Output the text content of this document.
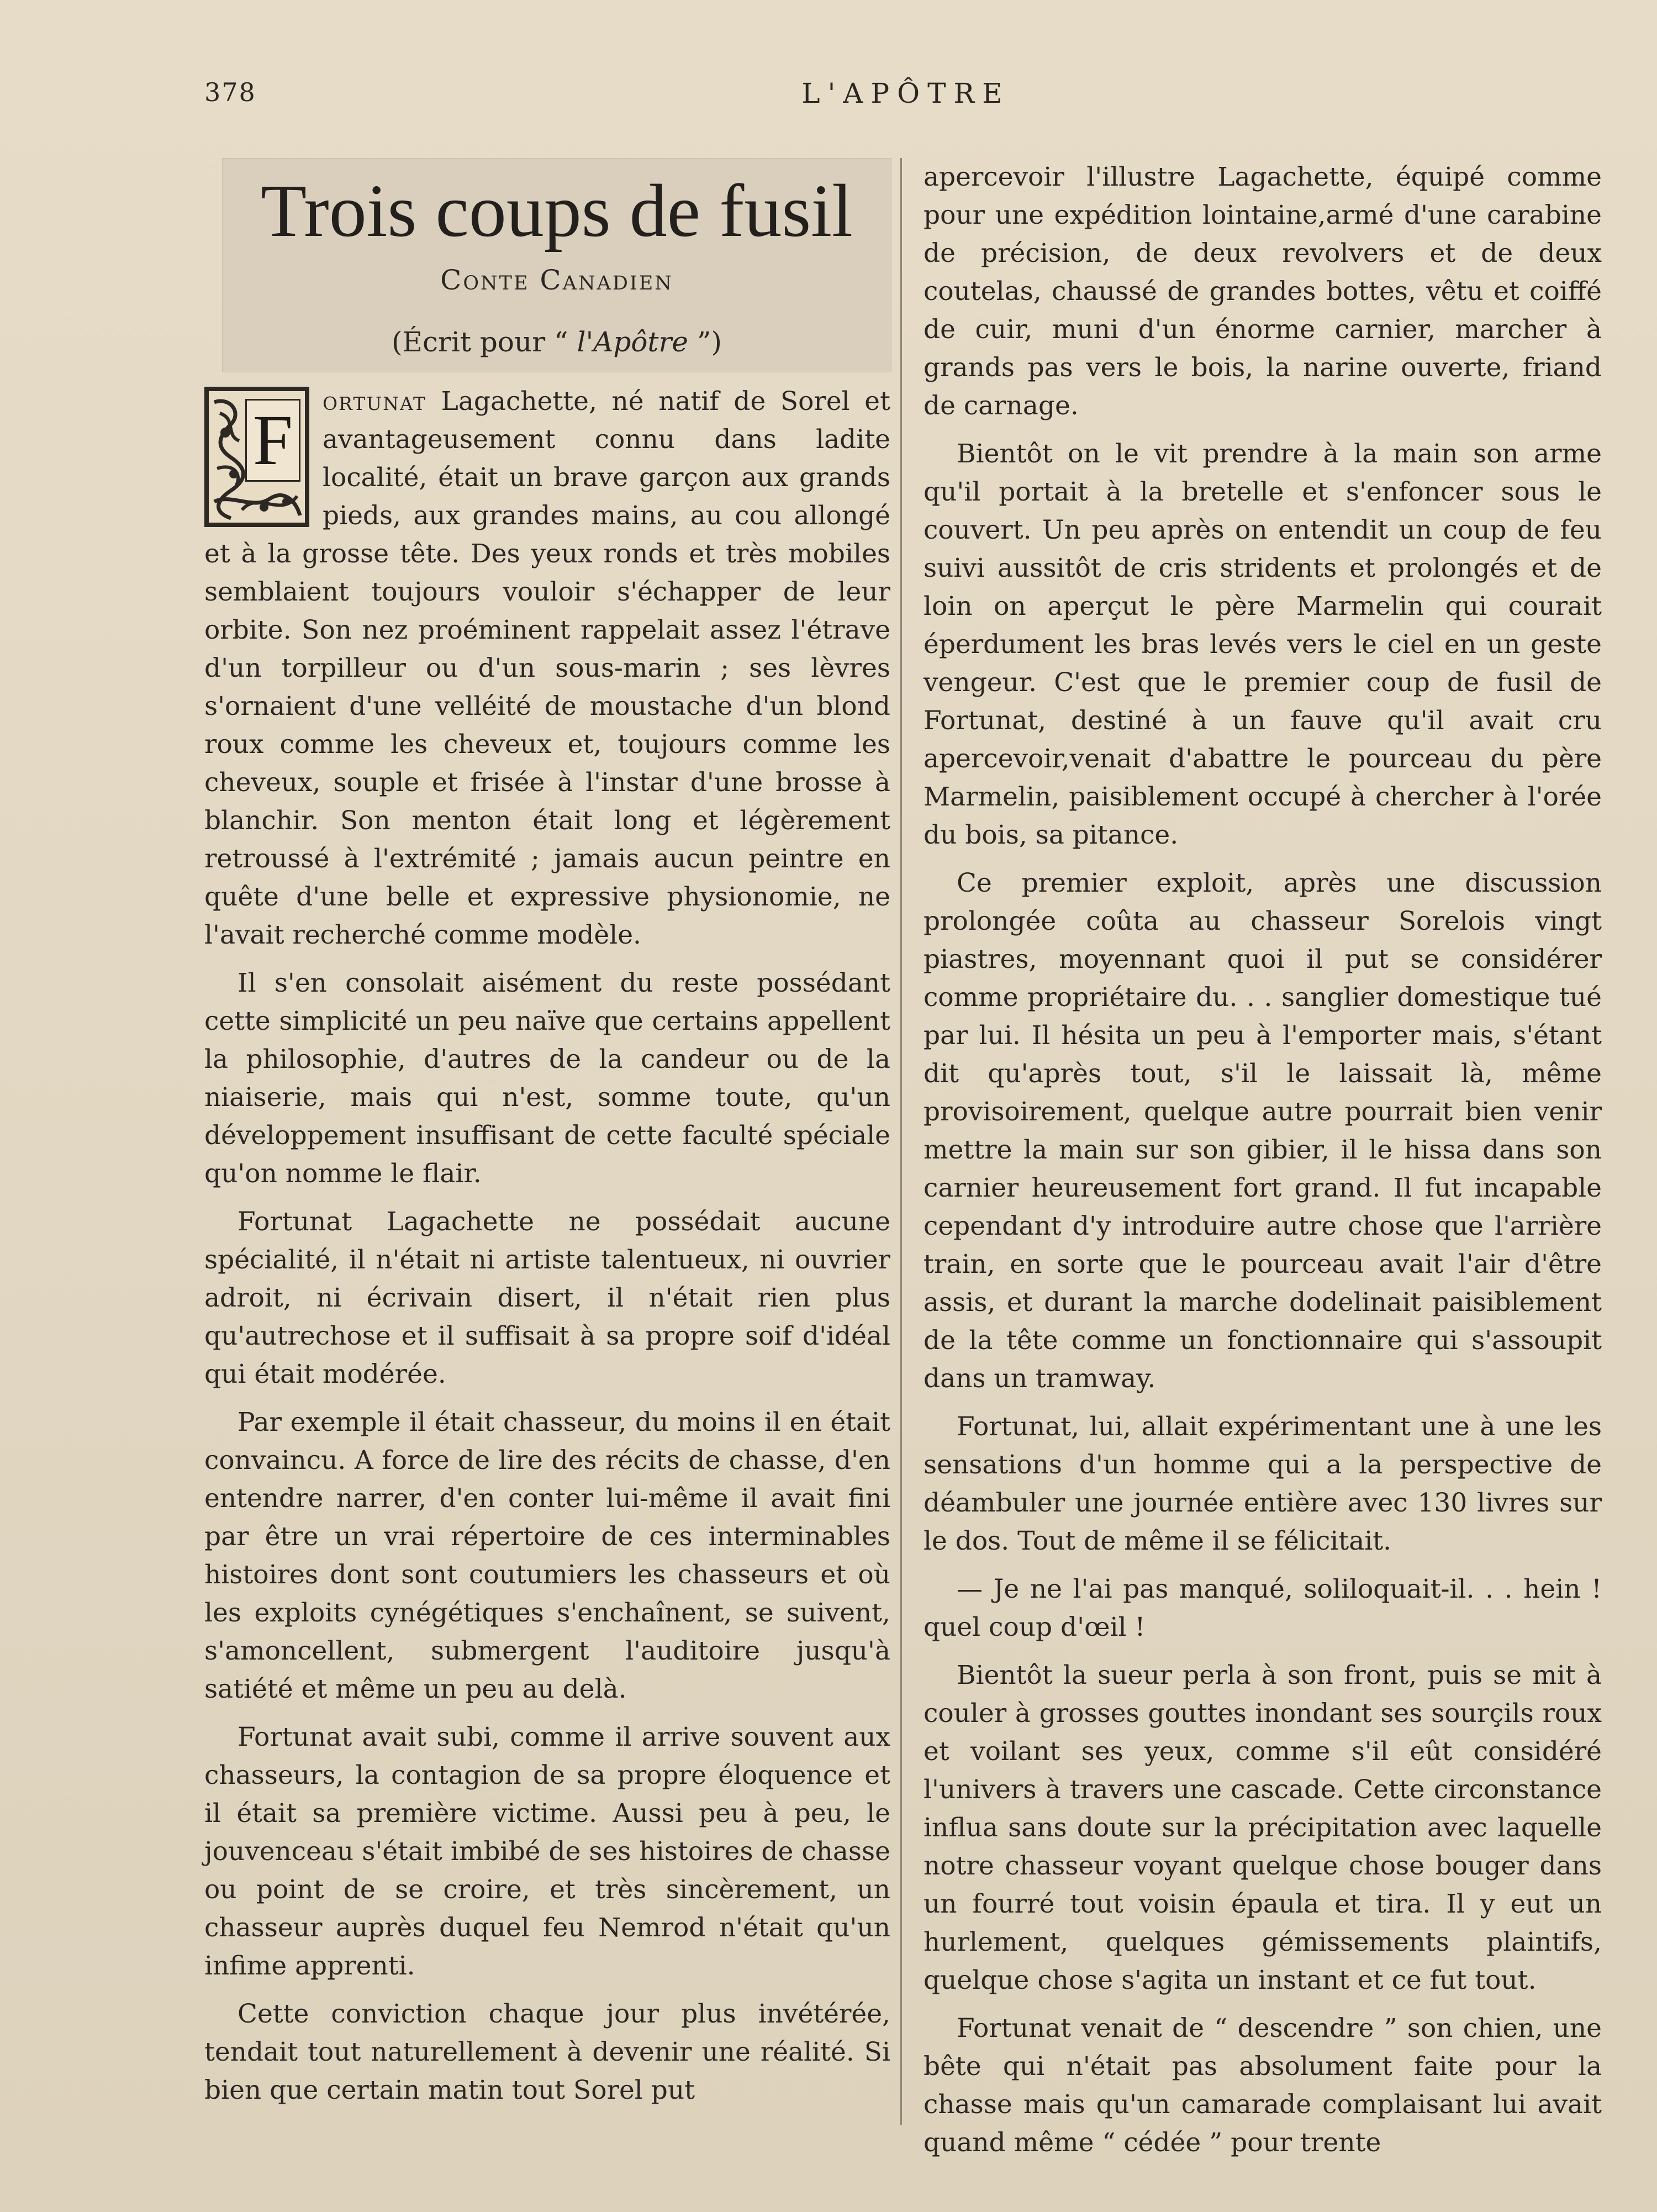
378	L'APÔTRE
Trois coups de fusil
Conte Canadien
(Écrit pour “ l'Apôtre ”)

F ortunat Lagachette, né natif de Sorel et avantageusement connu dans ladite localité, était un brave garçon aux grands pieds, aux grandes mains, au cou allongé et à la grosse tête. Des yeux ronds et très mobiles semblaient toujours vouloir s'échapper de leur orbite. Son nez proéminent rappelait assez l'étrave d'un torpilleur ou d'un sous-marin ; ses lèvres s'ornaient d'une velléité de moustache d'un blond roux comme les cheveux et, toujours comme les cheveux, souple et frisée à l'instar d'une brosse à blanchir. Son menton était long et légèrement retroussé à l'extrémité ; jamais aucun peintre en quête d'une belle et expressive physionomie, ne l'avait recherché comme modèle.

Il s'en consolait aisément du reste possédant cette simplicité un peu naïve que certains appellent la philosophie, d'autres de la candeur ou de la niaiserie, mais qui n'est, somme toute, qu'un développement insuffisant de cette faculté spéciale qu'on nomme le flair.

Fortunat Lagachette ne possédait aucune spécialité, il n'était ni artiste talentueux, ni ouvrier adroit, ni écrivain disert, il n'était rien plus qu'autrechose et il suffisait à sa propre soif d'idéal qui était modérée.

Par exemple il était chasseur, du moins il en était convaincu. A force de lire des récits de chasse, d'en entendre narrer, d'en conter lui-même il avait fini par être un vrai répertoire de ces interminables histoires dont sont coutumiers les chasseurs et où les exploits cynégétiques s'enchaînent, se suivent, s'amoncellent, submergent l'auditoire jusqu'à satiété et même un peu au delà.

Fortunat avait subi, comme il arrive souvent aux chasseurs, la contagion de sa propre éloquence et il était sa première victime. Aussi peu à peu, le jouvenceau s'était imbibé de ses histoires de chasse ou point de se croire, et très sincèrement, un chasseur auprès duquel feu Nemrod n'était qu'un infime apprenti.

Cette conviction chaque jour plus invétérée, tendait tout naturellement à devenir une réalité. Si bien que certain matin tout Sorel put

apercevoir l'illustre Lagachette, équipé comme pour une expédition lointaine,armé d'une carabine de précision, de deux revolvers et de deux coutelas, chaussé de grandes bottes, vêtu et coiffé de cuir, muni d'un énorme carnier, marcher à grands pas vers le bois, la narine ouverte, friand de carnage.

Bientôt on le vit prendre à la main son arme qu'il portait à la bretelle et s'enfoncer sous le couvert. Un peu après on entendit un coup de feu suivi aussitôt de cris stridents et prolongés et de loin on aperçut le père Marmelin qui courait éperdument les bras levés vers le ciel en un geste vengeur. C'est que le premier coup de fusil de Fortunat, destiné à un fauve qu'il avait cru apercevoir,venait d'abattre le pourceau du père Marmelin, paisiblement occupé à chercher à l'orée du bois, sa pitance.

Ce premier exploit, après une discussion prolongée coûta au chasseur Sorelois vingt piastres, moyennant quoi il put se considérer comme propriétaire du. . . sanglier domestique tué par lui. Il hésita un peu à l'emporter mais, s'étant dit qu'après tout, s'il le laissait là, même provisoirement, quelque autre pourrait bien venir mettre la main sur son gibier, il le hissa dans son carnier heureusement fort grand. Il fut incapable cependant d'y introduire autre chose que l'arrière train, en sorte que le pourceau avait l'air d'être assis, et durant la marche dodelinait paisiblement de la tête comme un fonctionnaire qui s'assoupit dans un tramway.

Fortunat, lui, allait expérimentant une à une les sensations d'un homme qui a la perspective de déambuler une journée entière avec 130 livres sur le dos. Tout de même il se félicitait.

— Je ne l'ai pas manqué, soliloquait-il. . . hein ! quel coup d'œil !

Bientôt la sueur perla à son front, puis se mit à couler à grosses gouttes inondant ses sourçils roux et voilant ses yeux, comme s'il eût considéré l'univers à travers une cascade. Cette circonstance influa sans doute sur la précipitation avec laquelle notre chasseur voyant quelque chose bouger dans un fourré tout voisin épaula et tira. Il y eut un hurlement, quelques gémissements plaintifs, quelque chose s'agita un instant et ce fut tout.

Fortunat venait de “ descendre ” son chien, une bête qui n'était pas absolument faite pour la chasse mais qu'un camarade complaisant lui avait quand même “ cédée ” pour trente
